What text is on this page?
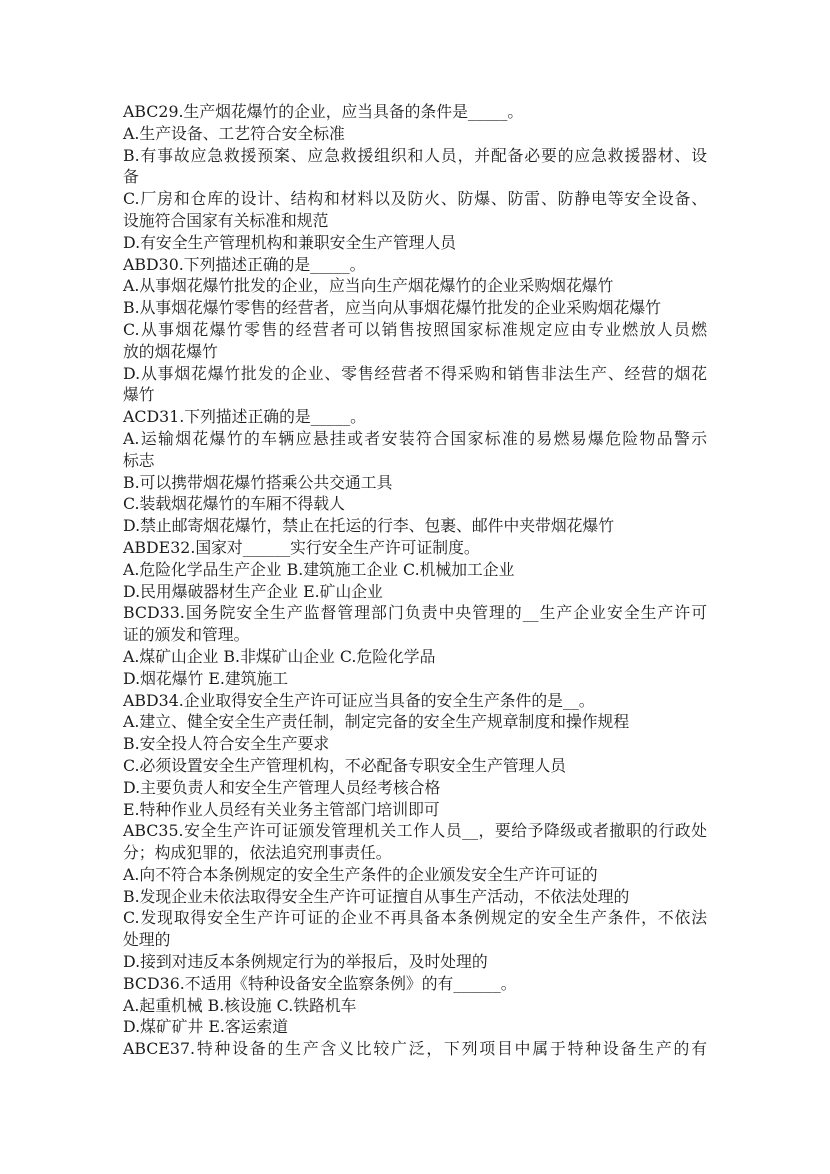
ABC29.生产烟花爆竹的企业，应当具备的条件是_____。
A.生产设备、工艺符合安全标准
B.有事故应急救援预案、应急救援组织和人员，并配备必要的应急救援器材、设
备
C.厂房和仓库的设计、结构和材料以及防火、防爆、防雷、防静电等安全设备、
设施符合国家有关标准和规范
D.有安全生产管理机构和兼职安全生产管理人员
ABD30.下列描述正确的是_____。
A.从事烟花爆竹批发的企业，应当向生产烟花爆竹的企业采购烟花爆竹
B.从事烟花爆竹零售的经营者，应当向从事烟花爆竹批发的企业采购烟花爆竹
C.从事烟花爆竹零售的经营者可以销售按照国家标准规定应由专业燃放人员燃
放的烟花爆竹
D.从事烟花爆竹批发的企业、零售经营者不得采购和销售非法生产、经营的烟花
爆竹
ACD31.下列描述正确的是_____。
A.运输烟花爆竹的车辆应悬挂或者安装符合国家标准的易燃易爆危险物品警示
标志
B.可以携带烟花爆竹搭乘公共交通工具
C.装载烟花爆竹的车厢不得载人
D.禁止邮寄烟花爆竹，禁止在托运的行李、包裹、邮件中夹带烟花爆竹
ABDE32.国家对______实行安全生产许可证制度。
A.危险化学品生产企业 B.建筑施工企业 C.机械加工企业
D.民用爆破器材生产企业 E.矿山企业
BCD33.国务院安全生产监督管理部门负责中央管理的__生产企业安全生产许可
证的颁发和管理。
A.煤矿山企业 B.非煤矿山企业 C.危险化学品
D.烟花爆竹 E.建筑施工
ABD34.企业取得安全生产许可证应当具备的安全生产条件的是__。
A.建立、健全安全生产责任制，制定完备的安全生产规章制度和操作规程
B.安全投人符合安全生产要求
C.必须设置安全生产管理机构，不必配备专职安全生产管理人员
D.主要负责人和安全生产管理人员经考核合格
E.特种作业人员经有关业务主管部门培训即可
ABC35.安全生产许可证颁发管理机关工作人员__，要给予降级或者撤职的行政处
分；构成犯罪的，依法追究刑事责任。
A.向不符合本条例规定的安全生产条件的企业颁发安全生产许可证的
B.发现企业未依法取得安全生产许可证擅自从事生产活动，不依法处理的
C.发现取得安全生产许可证的企业不再具备本条例规定的安全生产条件，不依法
处理的
D.接到对违反本条例规定行为的举报后，及时处理的
BCD36.不适用《特种设备安全监察条例》的有______。
A.起重机械 B.核设施 C.铁路机车
D.煤矿矿井 E.客运索道
ABCE37.特种设备的生产含义比较广泛，下列项目中属于特种设备生产的有
